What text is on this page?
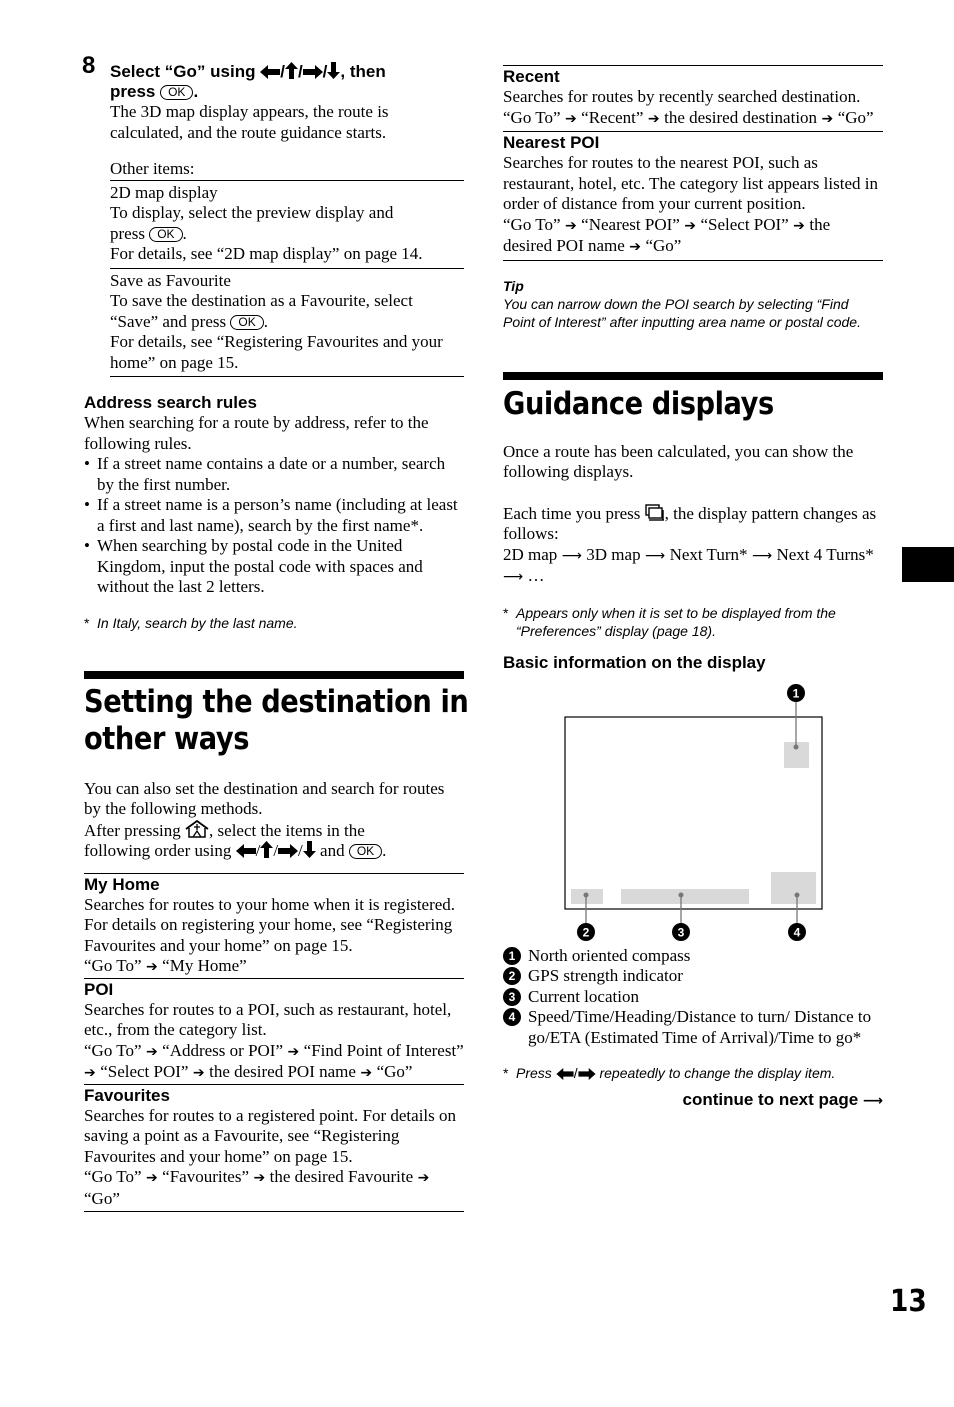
8 Select “Go” using / / / , then
press OK .
The 3D map display appears, the route is calculated, and the route guidance starts.
Other items:
2D map display
To display, select the preview display and
press OK .
For details, see “2D map display” on page 14.
Save as Favourite
To save the destination as a Favourite, select
“Save” and press OK .
For details, see “Registering Favourites and your home” on page 15.
Address search rules
When searching for a route by address, refer to the following rules.
• If a street name contains a date or a number, search by the first number.
• If a street name is a person’s name (including at least a first and last name), search by the first name*.
• When searching by postal code in the United Kingdom, input the postal code with spaces and without the last 2 letters.
* In Italy, search by the last name.
Setting the destination in
other ways
You can also set the destination and search for routes by the following methods.
After pressing , select the items in the
following order using / / / and OK .
My Home
Searches for routes to your home when it is registered. For details on registering your home, see “Registering Favourites and your home” on page 15.
“Go To” ➔ “My Home”
POI
Searches for routes to a POI, such as restaurant, hotel, etc., from the category list.
“Go To” ➔ “Address or POI” ➔ “Find Point of Interest” ➔ “Select POI” ➔ the desired POI name ➔ “Go”
Favourites
Searches for routes to a registered point. For details on saving a point as a Favourite, see “Registering Favourites and your home” on page 15.
“Go To” ➔ “Favourites” ➔ the desired Favourite ➔ “Go”
Recent
Searches for routes by recently searched destination.
“Go To” ➔ “Recent” ➔ the desired destination ➔ “Go”
Nearest POI
Searches for routes to the nearest POI, such as restaurant, hotel, etc. The category list appears listed in order of distance from your current position.
“Go To” ➔ “Nearest POI” ➔ “Select POI” ➔ the desired POI name ➔ “Go”
Tip
You can narrow down the POI search by selecting “Find Point of Interest” after inputting area name or postal code.
Guidance displays
Once a route has been calculated, you can show the following displays.
Each time you press , the display pattern changes as follows:
2D map ⟶ 3D map ⟶ Next Turn* ⟶ Next 4 Turns* ⟶ …
* Appears only when it is set to be displayed from the “Preferences” display (page 18).
Basic information on the display
1
2	3	4
1 North oriented compass
2 GPS strength indicator
3 Current location
4 Speed/Time/Heading/Distance to turn/ Distance to go/ETA (Estimated Time of Arrival)/Time to go*
* Press / repeatedly to change the display item.
continue to next page ⟶
13
